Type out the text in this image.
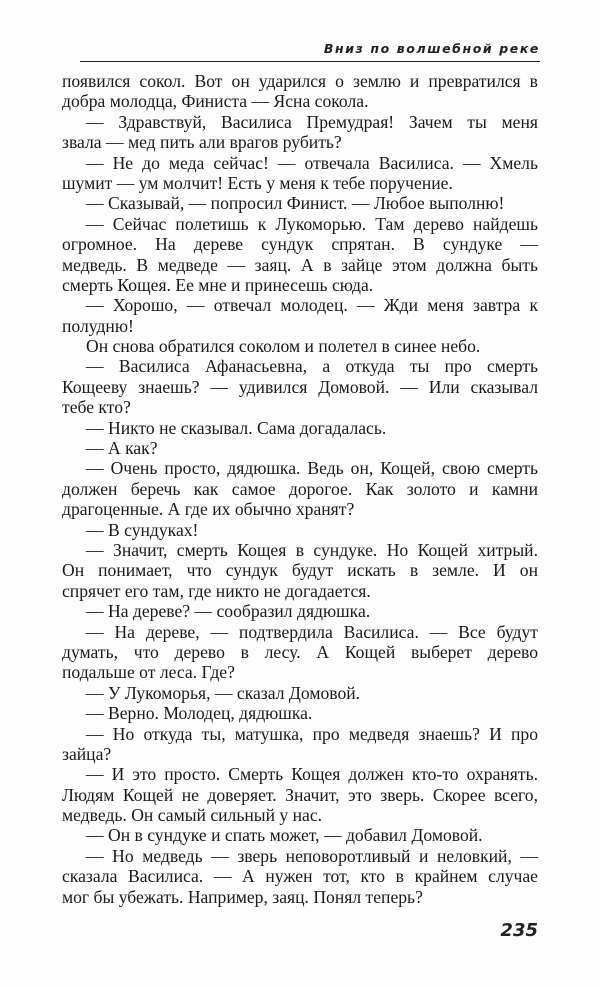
Вниз по волшебной реке
появился сокол. Вот он ударился о землю и превратился в
добра молодца, Финиста — Ясна сокола.
— Здравствуй, Василиса Премудрая! Зачем ты меня
звала — мед пить али врагов рубить?
— Не до меда сейчас! — отвечала Василиса. — Хмель
шумит — ум молчит! Есть у меня к тебе поручение.
— Сказывай, — попросил Финист. — Любое выполню!
— Сейчас полетишь к Лукоморью. Там дерево найдешь
огромное. На дереве сундук спрятан. В сундуке —
медведь. В медведе — заяц. А в зайце этом должна быть
смерть Кощея. Ее мне и принесешь сюда.
— Хорошо, — отвечал молодец. — Жди меня завтра к
полудню!
Он снова обратился соколом и полетел в синее небо.
— Василиса Афанасьевна, а откуда ты про смерть
Кощееву знаешь? — удивился Домовой. — Или сказывал
тебе кто?
— Никто не сказывал. Сама догадалась.
— А как?
— Очень просто, дядюшка. Ведь он, Кощей, свою смерть
должен беречь как самое дорогое. Как золото и камни
драгоценные. А где их обычно хранят?
— В сундуках!
— Значит, смерть Кощея в сундуке. Но Кощей хитрый.
Он понимает, что сундук будут искать в земле. И он
спрячет его там, где никто не догадается.
— На дереве? — сообразил дядюшка.
— На дереве, — подтвердила Василиса. — Все будут
думать, что дерево в лесу. А Кощей выберет дерево
подальше от леса. Где?
— У Лукоморья, — сказал Домовой.
— Верно. Молодец, дядюшка.
— Но откуда ты, матушка, про медведя знаешь? И про
зайца?
— И это просто. Смерть Кощея должен кто-то охранять.
Людям Кощей не доверяет. Значит, это зверь. Скорее всего,
медведь. Он самый сильный у нас.
— Он в сундуке и спать может, — добавил Домовой.
— Но медведь — зверь неповоротливый и неловкий, —
сказала Василиса. — А нужен тот, кто в крайнем случае
мог бы убежать. Например, заяц. Понял теперь?
235
